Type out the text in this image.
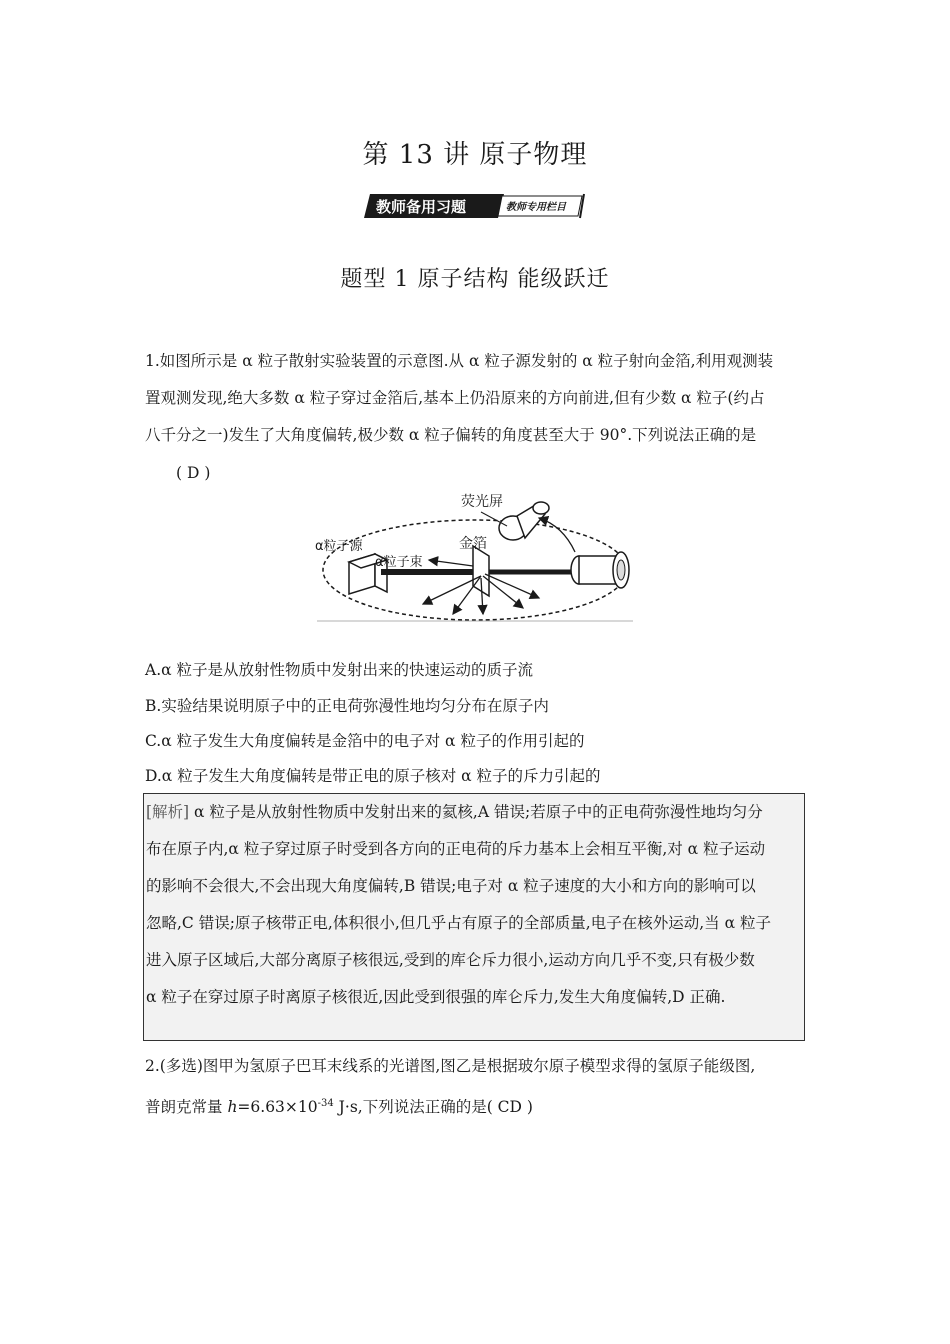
第 13 讲 原子物理
教师备用习题	教师专用栏目
题型 1 原子结构 能级跃迁
1.如图所示是 α 粒子散射实验装置的示意图.从 α 粒子源发射的 α 粒子射向金箔,利用观测装
置观测发现,绝大多数 α 粒子穿过金箔后,基本上仍沿原来的方向前进,但有少数 α 粒子(约占
八千分之一)发生了大角度偏转,极少数 α 粒子偏转的角度甚至大于 90°.下列说法正确的是
( D )
荧光屏
金箔
α粒子源
α粒子束
A.α 粒子是从放射性物质中发射出来的快速运动的质子流
B.实验结果说明原子中的正电荷弥漫性地均匀分布在原子内
C.α 粒子发生大角度偏转是金箔中的电子对 α 粒子的作用引起的
D.α 粒子发生大角度偏转是带正电的原子核对 α 粒子的斥力引起的
[解析] α 粒子是从放射性物质中发射出来的氦核,A 错误;若原子中的正电荷弥漫性地均匀分
布在原子内,α 粒子穿过原子时受到各方向的正电荷的斥力基本上会相互平衡,对 α 粒子运动
的影响不会很大,不会出现大角度偏转,B 错误;电子对 α 粒子速度的大小和方向的影响可以
忽略,C 错误;原子核带正电,体积很小,但几乎占有原子的全部质量,电子在核外运动,当 α 粒子
进入原子区域后,大部分离原子核很远,受到的库仑斥力很小,运动方向几乎不变,只有极少数
α 粒子在穿过原子时离原子核很近,因此受到很强的库仑斥力,发生大角度偏转,D 正确.
2.(多选)图甲为氢原子巴耳末线系的光谱图,图乙是根据玻尔原子模型求得的氢原子能级图,
普朗克常量 $h=6.63\times 10^{-34}$ J·s,下列说法正确的是( CD )
